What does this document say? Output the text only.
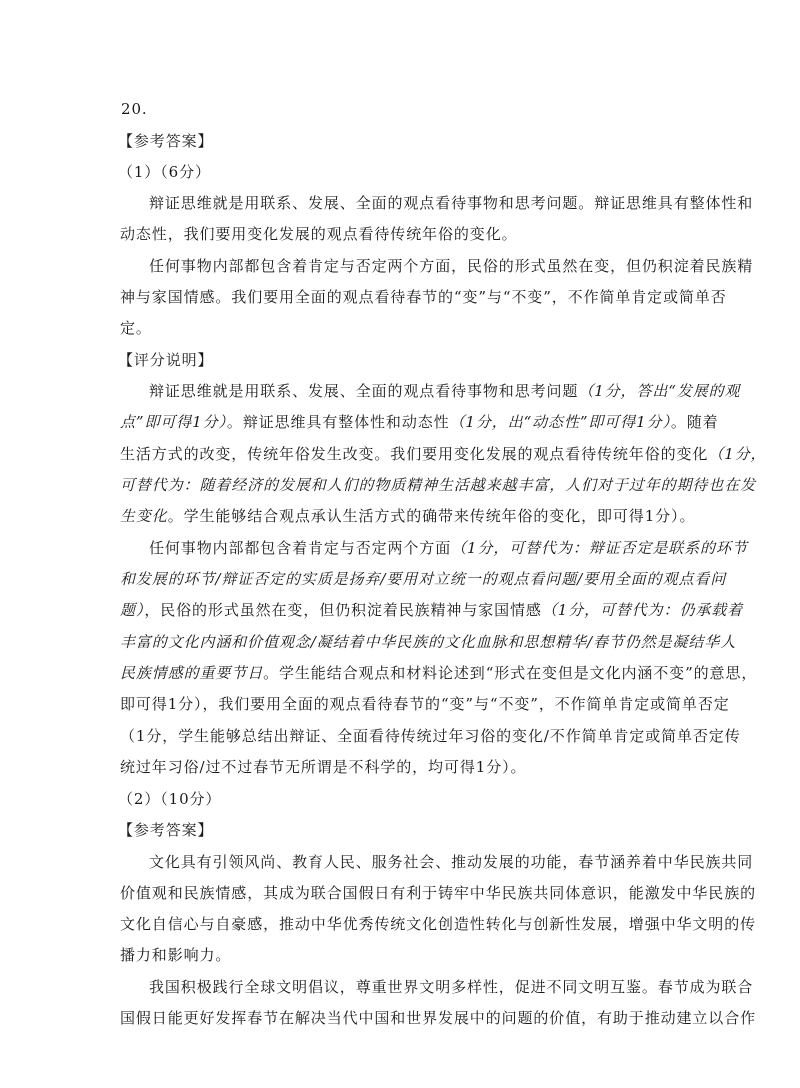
20.
【参考答案】
（1）（6分）
辩证思维就是用联系、发展、全面的观点看待事物和思考问题。辩证思维具有整体性和
动态性，我们要用变化发展的观点看待传统年俗的变化。
任何事物内部都包含着肯定与否定两个方面，民俗的形式虽然在变，但仍积淀着民族精
神与家国情感。我们要用全面的观点看待春节的“变”与“不变”，不作简单肯定或简单否
定。
【评分说明】
辩证思维就是用联系、发展、全面的观点看待事物和思考问题（1分，答出“发展的观
点”即可得1分）。辩证思维具有整体性和动态性（1分，出“动态性”即可得1分）。随着
生活方式的改变，传统年俗发生改变。我们要用变化发展的观点看待传统年俗的变化（1分，
可替代为：随着经济的发展和人们的物质精神生活越来越丰富，人们对于过年的期待也在发
生变化。学生能够结合观点承认生活方式的确带来传统年俗的变化，即可得1分）。
任何事物内部都包含着肯定与否定两个方面（1分，可替代为：辩证否定是联系的环节
和发展的环节/辩证否定的实质是扬弃/要用对立统一的观点看问题/要用全面的观点看问
题），民俗的形式虽然在变，但仍积淀着民族精神与家国情感（1分，可替代为：仍承载着
丰富的文化内涵和价值观念/凝结着中华民族的文化血脉和思想精华/春节仍然是凝结华人
民族情感的重要节日。学生能结合观点和材料论述到“形式在变但是文化内涵不变”的意思，
即可得1分），我们要用全面的观点看待春节的“变”与“不变”，不作简单肯定或简单否定
（1分，学生能够总结出辩证、全面看待传统过年习俗的变化/不作简单肯定或简单否定传
统过年习俗/过不过春节无所谓是不科学的，均可得1分）。
（2）（10分）
【参考答案】
文化具有引领风尚、教育人民、服务社会、推动发展的功能，春节涵养着中华民族共同
价值观和民族情感，其成为联合国假日有利于铸牢中华民族共同体意识，能激发中华民族的
文化自信心与自豪感，推动中华优秀传统文化创造性转化与创新性发展，增强中华文明的传
播力和影响力。
我国积极践行全球文明倡议，尊重世界文明多样性，促进不同文明互鉴。春节成为联合
国假日能更好发挥春节在解决当代中国和世界发展中的问题的价值，有助于推动建立以合作
